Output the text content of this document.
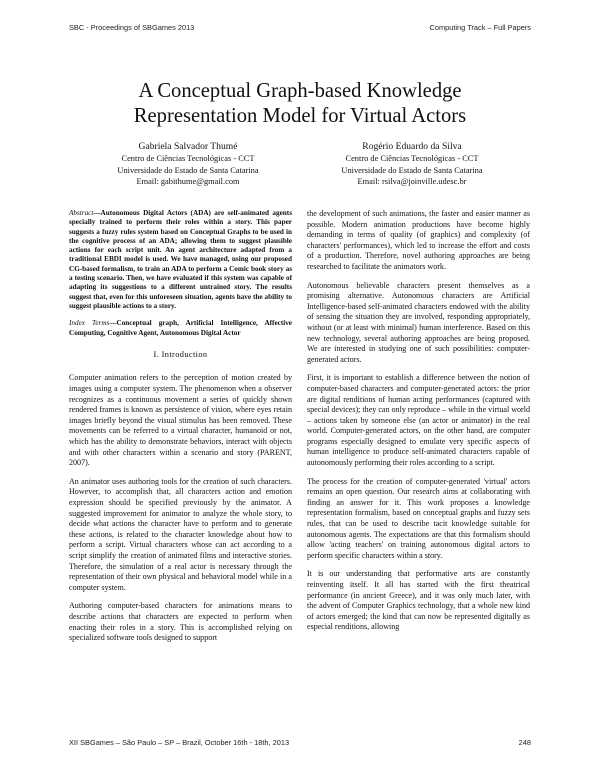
SBC - Proceedings of SBGames 2013	Computing Track – Full Papers
A Conceptual Graph-based Knowledge
Representation Model for Virtual Actors
Gabriela Salvador Thumé
Centro de Ciências Tecnológicas - CCT
Universidade do Estado de Santa Catarina
Email: gabithume@gmail.com
Rogério Eduardo da Silva
Centro de Ciências Tecnológicas - CCT
Universidade do Estado de Santa Catarina
Email: rsilva@joinville.udesc.br

Abstract—Autonomous Digital Actors (ADA) are self-animated agents specially trained to perform their roles within a story. This paper suggests a fuzzy rules system based on Conceptual Graphs to be used in the cognitive process of an ADA; allowing them to suggest plausible actions for each script unit. An agent architecture adapted from a traditional EBDI model is used. We have managed, using our proposed CG-based formalism, to train an ADA to perform a Comic book story as a testing scenario. Then, we have evaluated if this system was capable of adapting its suggestions to a different untrained story. The results suggest that, even for this unforeseen situation, agents have the ability to suggest plausible actions to a story.

Index Terms—Conceptual graph, Artificial Intelligence, Affective Computing, Cognitive Agent, Autonomous Digital Actor

I. Introduction

Computer animation refers to the perception of motion created by images using a computer system. The phenomenon when a observer recognizes as a continuous movement a series of quickly shown rendered frames is known as persistence of vision, where eyes retain images briefly beyond the visual stimulus has been removed. These movements can be referred to a virtual character, humanoid or not, which has the ability to demonstrate behaviors, interact with objects and with other characters within a scenario and story (PARENT, 2007).

An animator uses authoring tools for the creation of such characters. However, to accomplish that, all characters action and emotion expression should be specified previously by the animator. A suggested improvement for animator to analyze the whole story, to decide what actions the character have to perform and to generate these actions, is related to the character knowledge about how to perform a script. Virtual characters whose can act according to a script simplify the creation of animated films and interactive stories. Therefore, the simulation of a real actor is necessary through the representation of their own physical and behavioral model while in a computer system.

Authoring computer-based characters for animations means to describe actions that characters are expected to perform when enacting their roles in a story. This is accomplished relying on specialized software tools designed to support

the development of such animations, the faster and easier manner as possible. Modern animation productions have become highly demanding in terms of quality (of graphics) and complexity (of characters' performances), which led to increase the effort and costs of a production. Therefore, novel authoring approaches are being researched to facilitate the animators work.

Autonomous believable characters present themselves as a promising alternative. Autonomous characters are Artificial Intelligence-based self-animated characters endowed with the ability of sensing the situation they are involved, responding appropriately, without (or at least with minimal) human interference. Based on this new technology, several authoring approaches are being proposed. We are interested in studying one of such possibilities: computer-generated actors.

First, it is important to establish a difference between the notion of computer-based characters and computer-generated actors: the prior are digital renditions of human acting performances (captured with special devices); they can only reproduce – while in the virtual world – actions taken by someone else (an actor or animator) in the real world. Computer-generated actors, on the other hand, are computer programs especially designed to emulate very specific aspects of human intelligence to produce self-animated characters capable of autonomously performing their roles according to a script.

The process for the creation of computer-generated 'virtual' actors remains an open question. Our research aims at collaborating with finding an answer for it. This work proposes a knowledge representation formalism, based on conceptual graphs and fuzzy sets rules, that can be used to describe tacit knowledge suitable for autonomous agents. The expectations are that this formalism should allow 'acting teachers' on training autonomous digital actors to perform specific characters within a story.

It is our understanding that performative arts are constantly reinventing itself. It all has started with the first theatrical performance (in ancient Greece), and it was only much later, with the advent of Computer Graphics technology, that a whole new kind of actors emerged; the kind that can now be represented digitally as especial renditions, allowing

XII SBGames – São Paulo – SP – Brazil, October 16th - 18th, 2013	248
